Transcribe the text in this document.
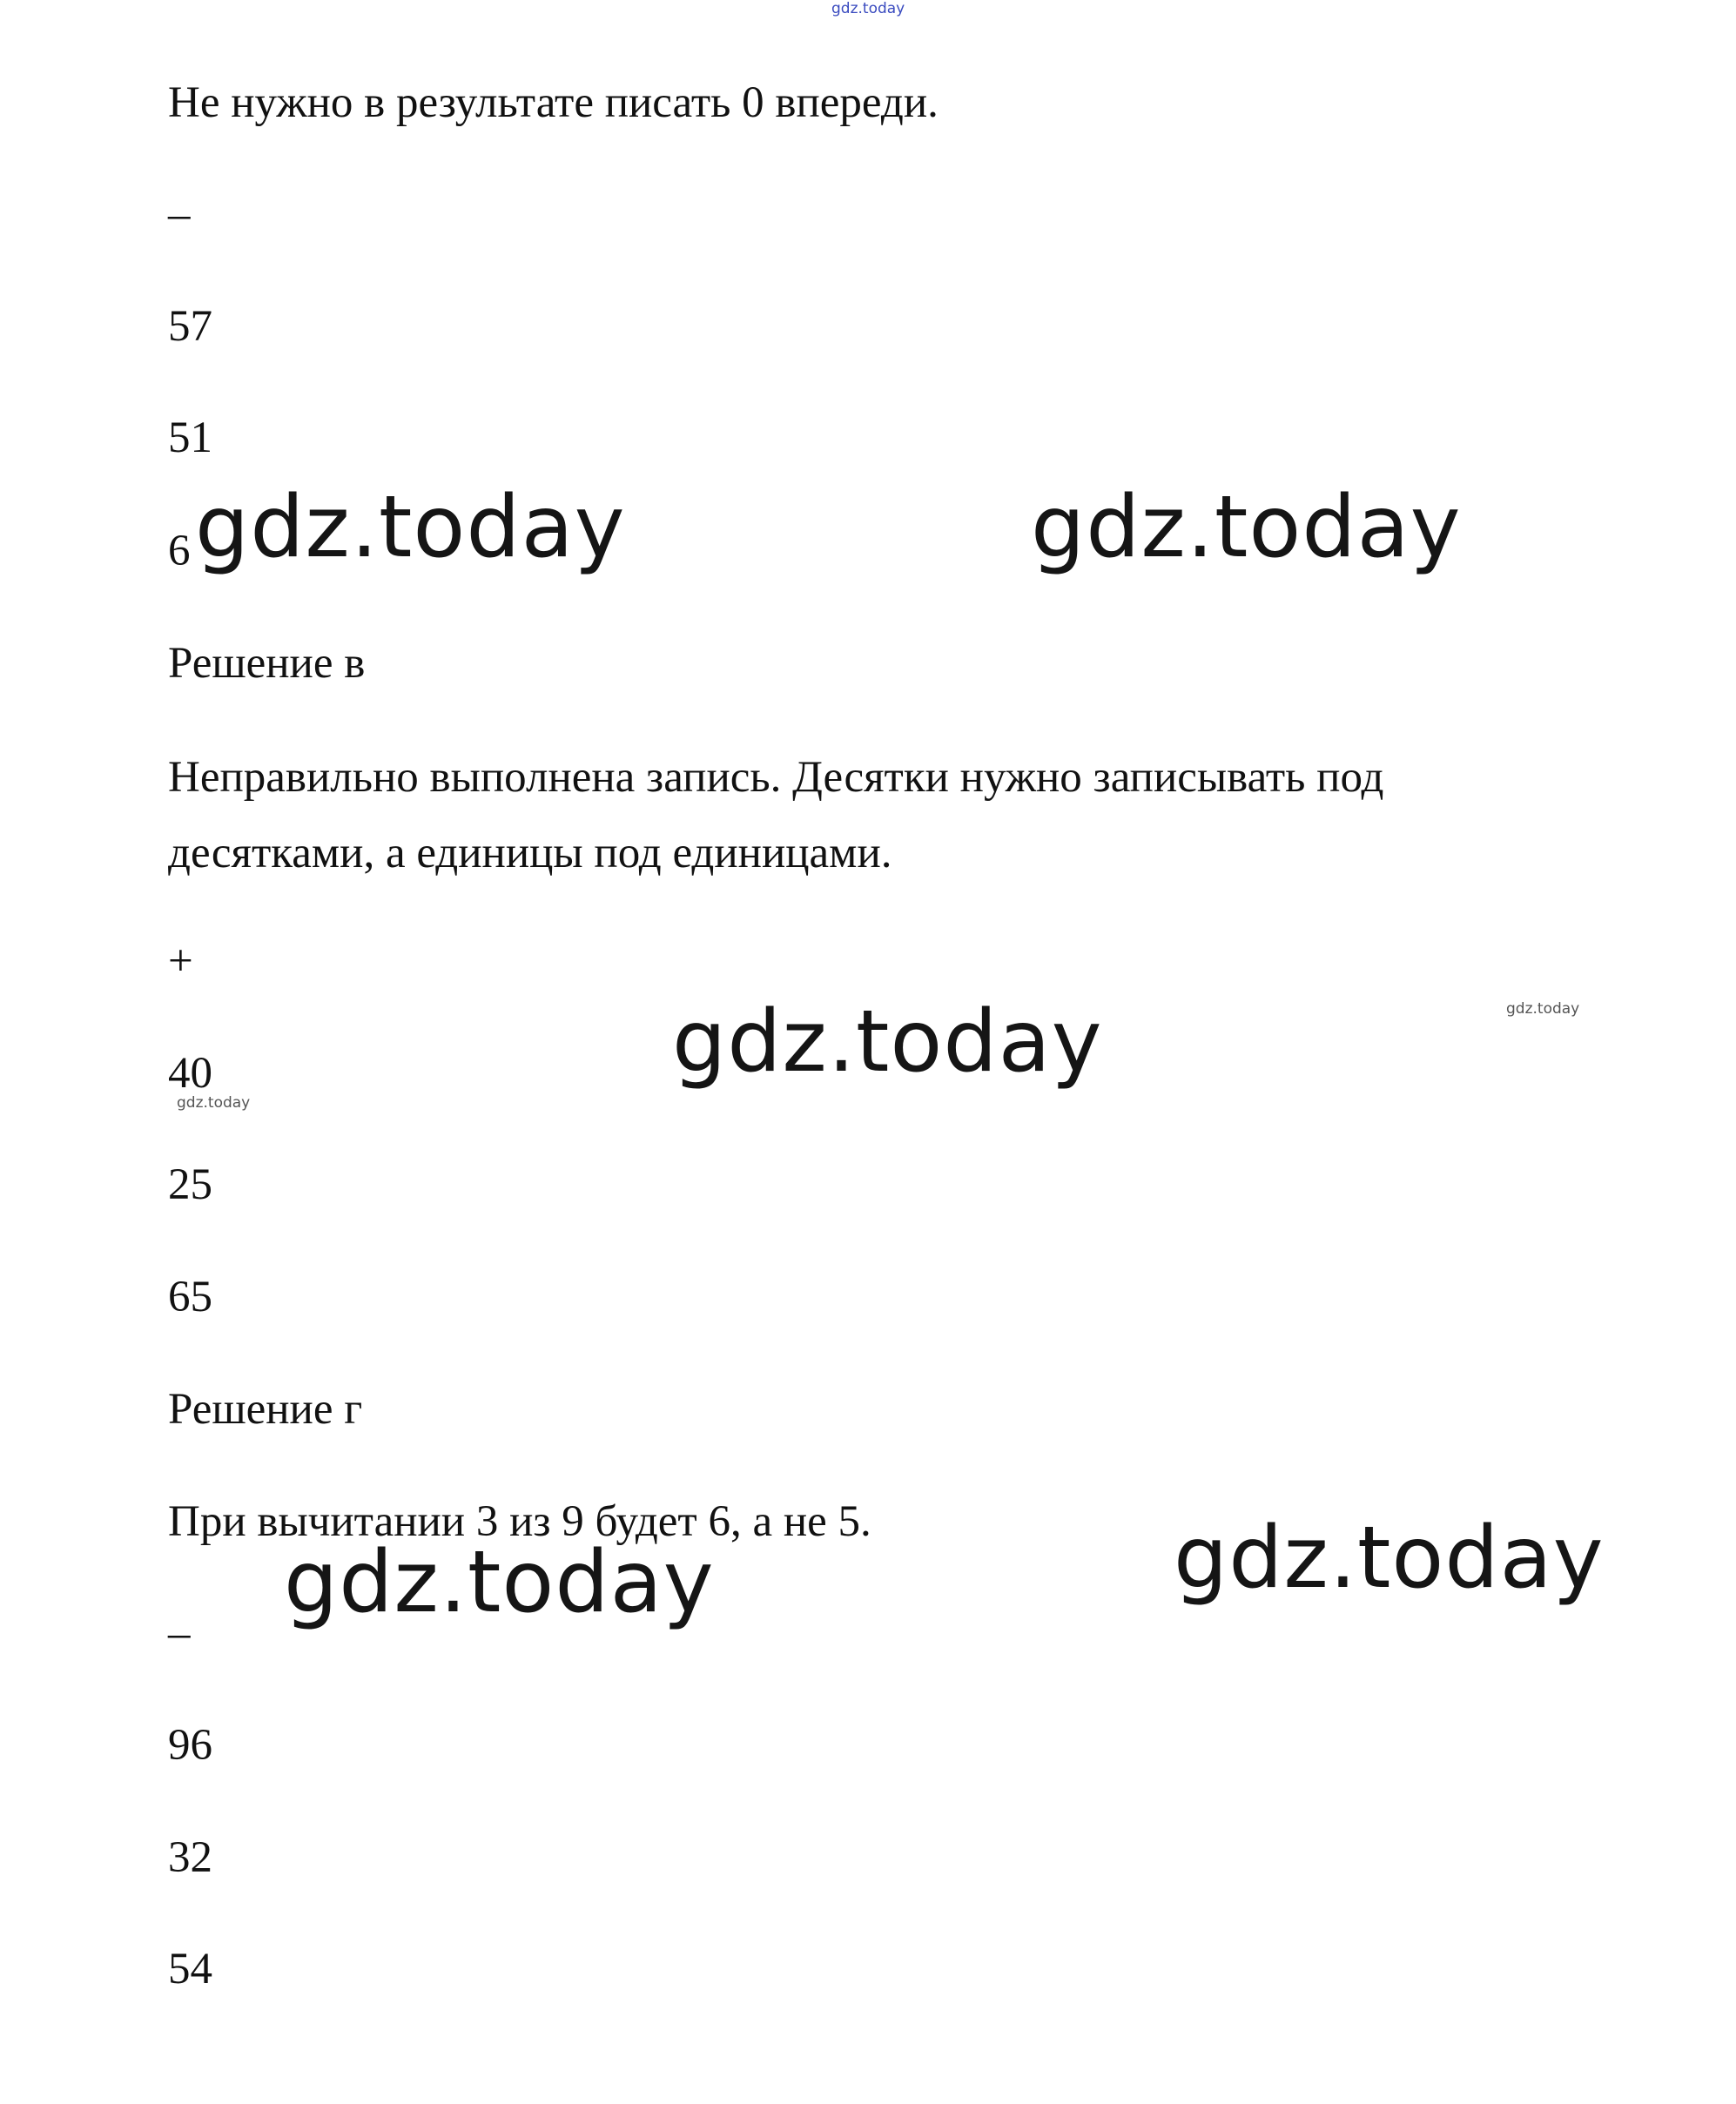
gdz.today
Не нужно в результате писать 0 впереди.
–
57
51
6 gdz.today	gdz.today
Решение в
Неправильно выполнена запись. Десятки нужно записывать под десятками, а единицы под единицами.
+
gdz.today	gdz.today
40
gdz.today
25
65
Решение г
При вычитании 3 из 9 будет 6, а не 5.	gdz.today
gdz.today
–
96
32
54
